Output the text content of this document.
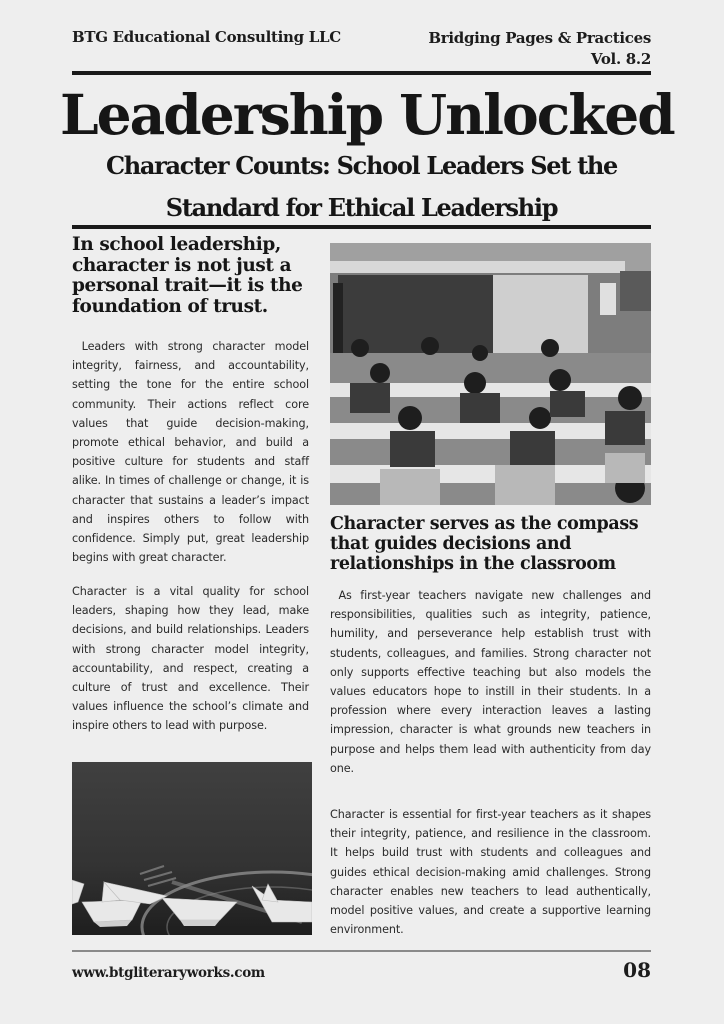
BTG Educational Consulting LLC	Bridging Pages & Practices
Vol. 8.2
Leadership Unlocked
Character Counts: School Leaders Set the Standard for Ethical Leadership
In school leadership, character is not just a personal trait—it is the foundation of trust.
Leaders with strong character model integrity, fairness, and accountability, setting the tone for the entire school community. Their actions reflect core values that guide decision-making, promote ethical behavior, and build a positive culture for students and staff alike. In times of challenge or change, it is character that sustains a leader’s impact and inspires others to follow with confidence. Simply put, great leadership begins with great character.
Character is a vital quality for school leaders, shaping how they lead, make decisions, and build relationships. Leaders with strong character model integrity, accountability, and respect, creating a culture of trust and excellence. Their values influence the school’s climate and inspire others to lead with purpose.
Character serves as the compass that guides decisions and relationships in the classroom
As first-year teachers navigate new challenges and responsibilities, qualities such as integrity, patience, humility, and perseverance help establish trust with students, colleagues, and families. Strong character not only supports effective teaching but also models the values educators hope to instill in their students. In a profession where every interaction leaves a lasting impression, character is what grounds new teachers in purpose and helps them lead with authenticity from day one.
Character is essential for first-year teachers as it shapes their integrity, patience, and resilience in the classroom. It helps build trust with students and colleagues and guides ethical decision-making amid challenges. Strong character enables new teachers to lead authentically, model positive values, and create a supportive learning environment.
www.btgliteraryworks.com	08
